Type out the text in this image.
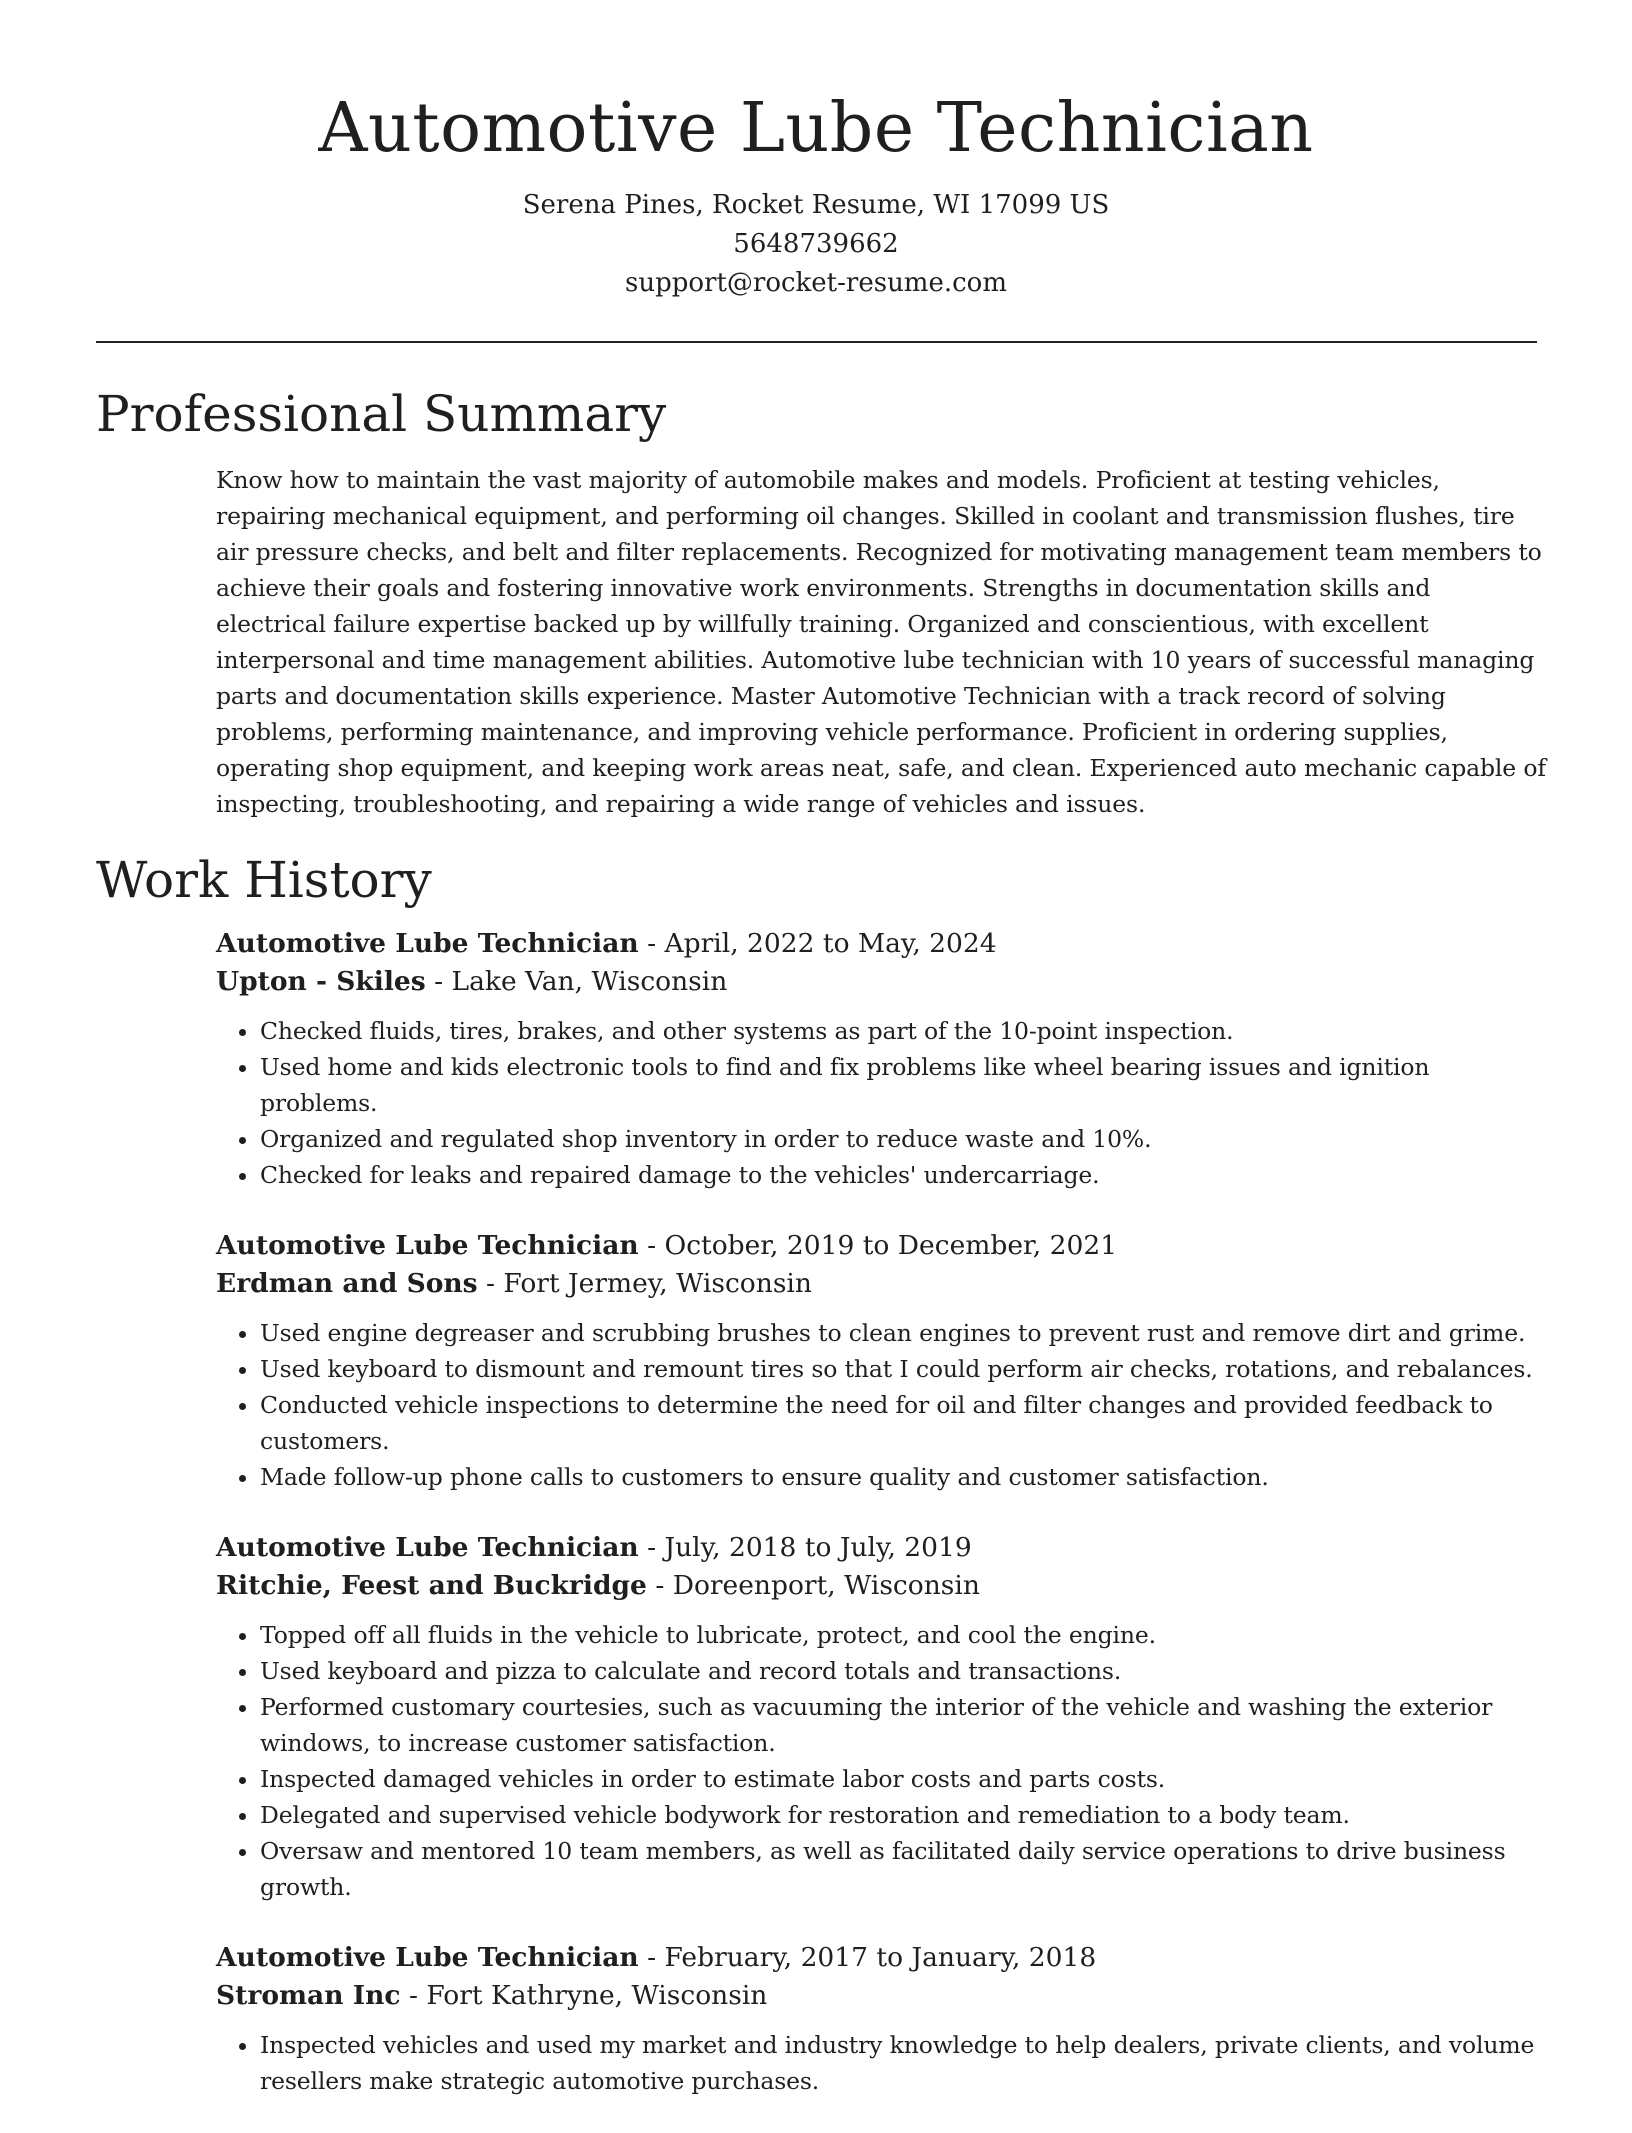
Automotive Lube Technician

Serena Pines, Rocket Resume, WI 17099 US

5648739662

support@rocket-resume.com

Professional Summary

Know how to maintain the vast majority of automobile makes and models. Proficient at testing vehicles, repairing mechanical equipment, and performing oil changes. Skilled in coolant and transmission flushes, tire air pressure checks, and belt and filter replacements. Recognized for motivating management team members to achieve their goals and fostering innovative work environments. Strengths in documentation skills and electrical failure expertise backed up by willfully training. Organized and conscientious, with excellent interpersonal and time management abilities. Automotive lube technician with 10 years of successful managing parts and documentation skills experience. Master Automotive Technician with a track record of solving problems, performing maintenance, and improving vehicle performance. Proficient in ordering supplies, operating shop equipment, and keeping work areas neat, safe, and clean. Experienced auto mechanic capable of inspecting, troubleshooting, and repairing a wide range of vehicles and issues.

Work History

Automotive Lube Technician - April, 2022 to May, 2024

Upton - Skiles - Lake Van, Wisconsin

• Checked fluids, tires, brakes, and other systems as part of the 10-point inspection.
• Used home and kids electronic tools to find and fix problems like wheel bearing issues and ignition problems.
• Organized and regulated shop inventory in order to reduce waste and 10%.
• Checked for leaks and repaired damage to the vehicles' undercarriage.

Automotive Lube Technician - October, 2019 to December, 2021

Erdman and Sons - Fort Jermey, Wisconsin

• Used engine degreaser and scrubbing brushes to clean engines to prevent rust and remove dirt and grime.
• Used keyboard to dismount and remount tires so that I could perform air checks, rotations, and rebalances.
• Conducted vehicle inspections to determine the need for oil and filter changes and provided feedback to customers.
• Made follow-up phone calls to customers to ensure quality and customer satisfaction.

Automotive Lube Technician - July, 2018 to July, 2019

Ritchie, Feest and Buckridge - Doreenport, Wisconsin

• Topped off all fluids in the vehicle to lubricate, protect, and cool the engine.
• Used keyboard and pizza to calculate and record totals and transactions.
• Performed customary courtesies, such as vacuuming the interior of the vehicle and washing the exterior windows, to increase customer satisfaction.
• Inspected damaged vehicles in order to estimate labor costs and parts costs.
• Delegated and supervised vehicle bodywork for restoration and remediation to a body team.
• Oversaw and mentored 10 team members, as well as facilitated daily service operations to drive business growth.

Automotive Lube Technician - February, 2017 to January, 2018

Stroman Inc - Fort Kathryne, Wisconsin

• Inspected vehicles and used my market and industry knowledge to help dealers, private clients, and volume resellers make strategic automotive purchases.
